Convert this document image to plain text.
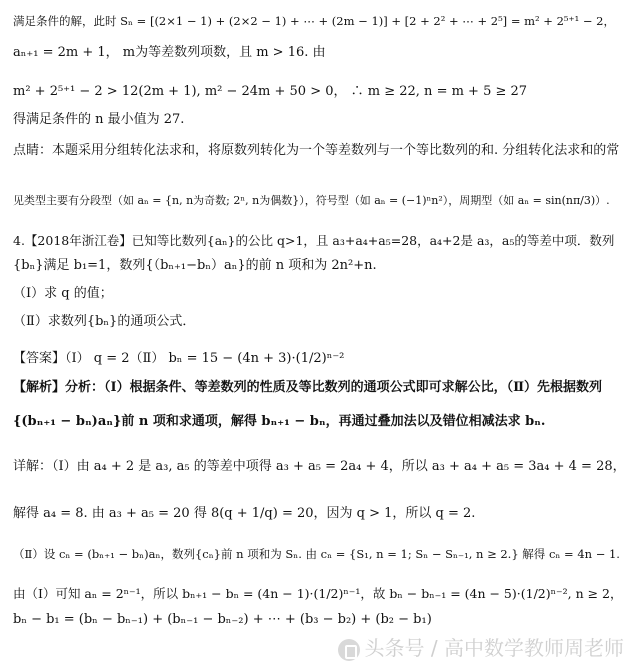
满足条件的解，此时 Sₙ = [(2×1 − 1) + (2×2 − 1) + ⋯ + (2m − 1)] + [2 + 2² + ⋯ + 2⁵] = m² + 2⁵⁺¹ − 2，
aₙ₊₁ = 2m + 1， m为等差数列项数，且 m > 16. 由
m² + 2⁵⁺¹ − 2 > 12(2m + 1), m² − 24m + 50 > 0， ∴ m ≥ 22, n = m + 5 ≥ 27
得满足条件的 n 最小值为 27.
点睛：本题采用分组转化法求和，将原数列转化为一个等差数列与一个等比数列的和. 分组转化法求和的常
见类型主要有分段型（如 aₙ = {n, n为奇数; 2ⁿ, n为偶数}），符号型（如 aₙ = (−1)ⁿn²），周期型（如 aₙ = sin(nπ/3)）.
4.【2018年浙江卷】已知等比数列{aₙ}的公比 q>1，且 a₃+a₄+a₅=28，a₄+2是 a₃，a₅的等差中项．数列
{bₙ}满足 b₁=1，数列{（bₙ₊₁−bₙ）aₙ}的前 n 项和为 2n²+n.
（Ⅰ）求 q 的值；
（Ⅱ）求数列{bₙ}的通项公式．
【答案】（Ⅰ） q = 2（Ⅱ） bₙ = 15 − (4n + 3)·(1/2)ⁿ⁻²
【解析】分析：（Ⅰ）根据条件、等差数列的性质及等比数列的通项公式即可求解公比，（Ⅱ）先根据数列
{(bₙ₊₁ − bₙ)aₙ}前 n 项和求通项，解得 bₙ₊₁ − bₙ，再通过叠加法以及错位相减法求 bₙ.
详解：（Ⅰ）由 a₄ + 2 是 a₃, a₅ 的等差中项得 a₃ + a₅ = 2a₄ + 4，所以 a₃ + a₄ + a₅ = 3a₄ + 4 = 28，
解得 a₄ = 8. 由 a₃ + a₅ = 20 得 8(q + 1/q) = 20，因为 q > 1，所以 q = 2.
（Ⅱ）设 cₙ = (bₙ₊₁ − bₙ)aₙ，数列{cₙ}前 n 项和为 Sₙ. 由 cₙ = {S₁, n = 1; Sₙ − Sₙ₋₁, n ≥ 2.} 解得 cₙ = 4n − 1.
由（Ⅰ）可知 aₙ = 2ⁿ⁻¹，所以 bₙ₊₁ − bₙ = (4n − 1)·(1/2)ⁿ⁻¹，故 bₙ − bₙ₋₁ = (4n − 5)·(1/2)ⁿ⁻², n ≥ 2，
bₙ − b₁ = (bₙ − bₙ₋₁) + (bₙ₋₁ − bₙ₋₂) + ⋯ + (b₃ − b₂) + (b₂ − b₁)
头条号 / 高中数学教师周老师
